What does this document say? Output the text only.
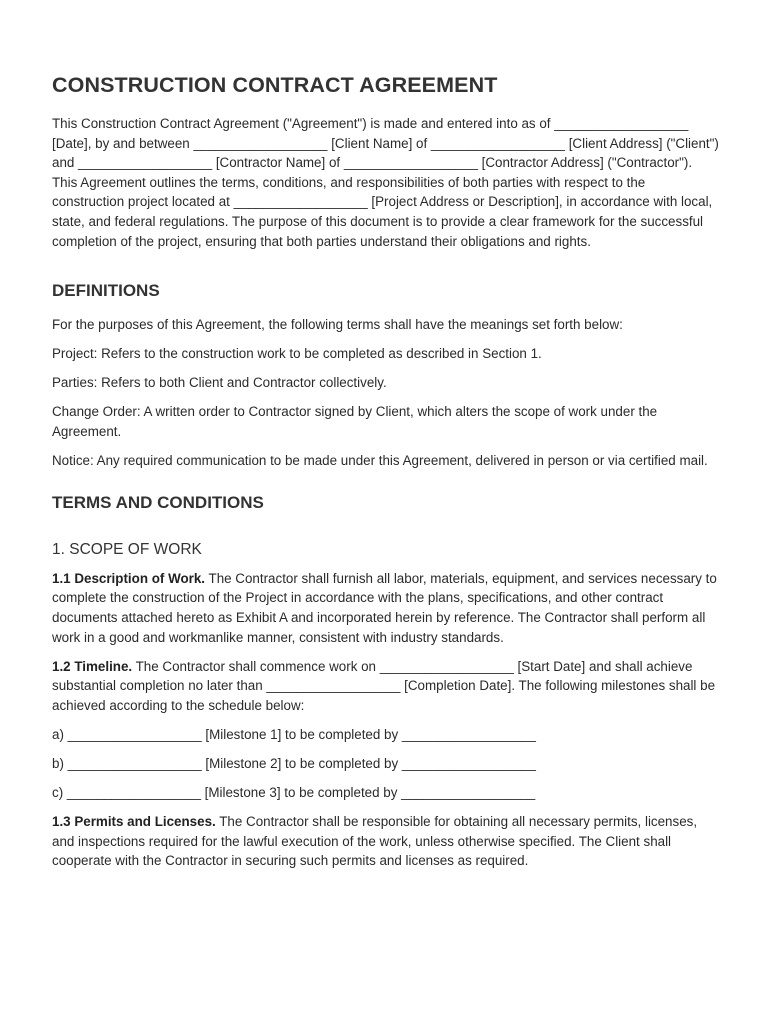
CONSTRUCTION CONTRACT AGREEMENT

This Construction Contract Agreement ("Agreement") is made and entered into as of __________________ [Date], by and between __________________ [Client Name] of __________________ [Client Address] ("Client") and __________________ [Contractor Name] of __________________ [Contractor Address] ("Contractor"). This Agreement outlines the terms, conditions, and responsibilities of both parties with respect to the construction project located at __________________ [Project Address or Description], in accordance with local, state, and federal regulations. The purpose of this document is to provide a clear framework for the successful completion of the project, ensuring that both parties understand their obligations and rights.

DEFINITIONS

For the purposes of this Agreement, the following terms shall have the meanings set forth below:

Project: Refers to the construction work to be completed as described in Section 1.

Parties: Refers to both Client and Contractor collectively.

Change Order: A written order to Contractor signed by Client, which alters the scope of work under the Agreement.

Notice: Any required communication to be made under this Agreement, delivered in person or via certified mail.

TERMS AND CONDITIONS
1. SCOPE OF WORK

1.1 Description of Work. The Contractor shall furnish all labor, materials, equipment, and services necessary to complete the construction of the Project in accordance with the plans, specifications, and other contract documents attached hereto as Exhibit A and incorporated herein by reference. The Contractor shall perform all work in a good and workmanlike manner, consistent with industry standards.

1.2 Timeline. The Contractor shall commence work on __________________ [Start Date] and shall achieve substantial completion no later than __________________ [Completion Date]. The following milestones shall be achieved according to the schedule below:

a) __________________ [Milestone 1] to be completed by __________________

b) __________________ [Milestone 2] to be completed by __________________

c) __________________ [Milestone 3] to be completed by __________________

1.3 Permits and Licenses. The Contractor shall be responsible for obtaining all necessary permits, licenses, and inspections required for the lawful execution of the work, unless otherwise specified. The Client shall cooperate with the Contractor in securing such permits and licenses as required.
